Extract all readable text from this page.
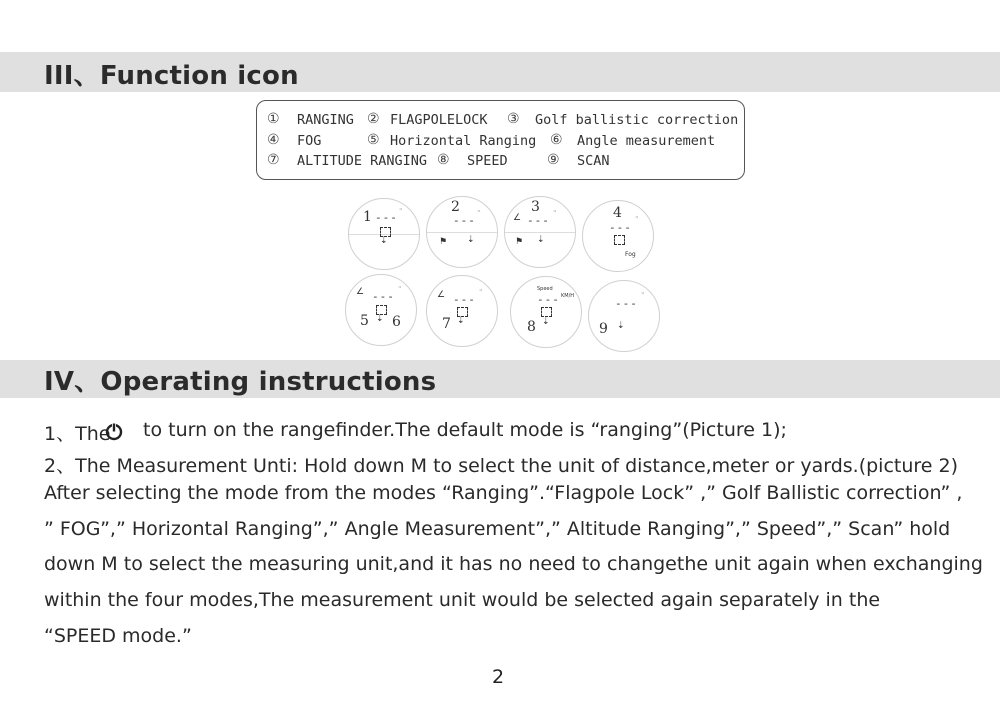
III、Function icon
① RANGING ② FLAGPOLELOCK ③ Golf ballistic correction
④ FOG	⑤ Horizontal Ranging ⑥ Angle measurement
⑦ ALTITUDE RANGING ⑧ SPEED	⑨ SCAN
1 --- "
⇣
2
---
"
⚑ ⇣
3
∠ ---
"
⚑ ⇣
4
---
"
Fog
∠ ---
"
5 ⇣ 6
∠ ---
"
7 ⇣
Speed
--- KM/H
8 ⇣
---
"
9 ⇣
IV、Operating instructions
1、The to turn on the rangefinder.The default mode is “ranging”(Picture 1);
2、The Measurement Unti: Hold down M to select the unit of distance,meter or yards.(picture 2)
After selecting the mode from the modes “Ranging”.“Flagpole Lock” ,” Golf Ballistic correction” ,
” FOG”,” Horizontal Ranging”,” Angle Measurement”,” Altitude Ranging”,” Speed”,” Scan” hold
down M to select the measuring unit,and it has no need to changethe unit again when exchanging
within the four modes,The measurement unit would be selected again separately in the
“SPEED mode.”
2
